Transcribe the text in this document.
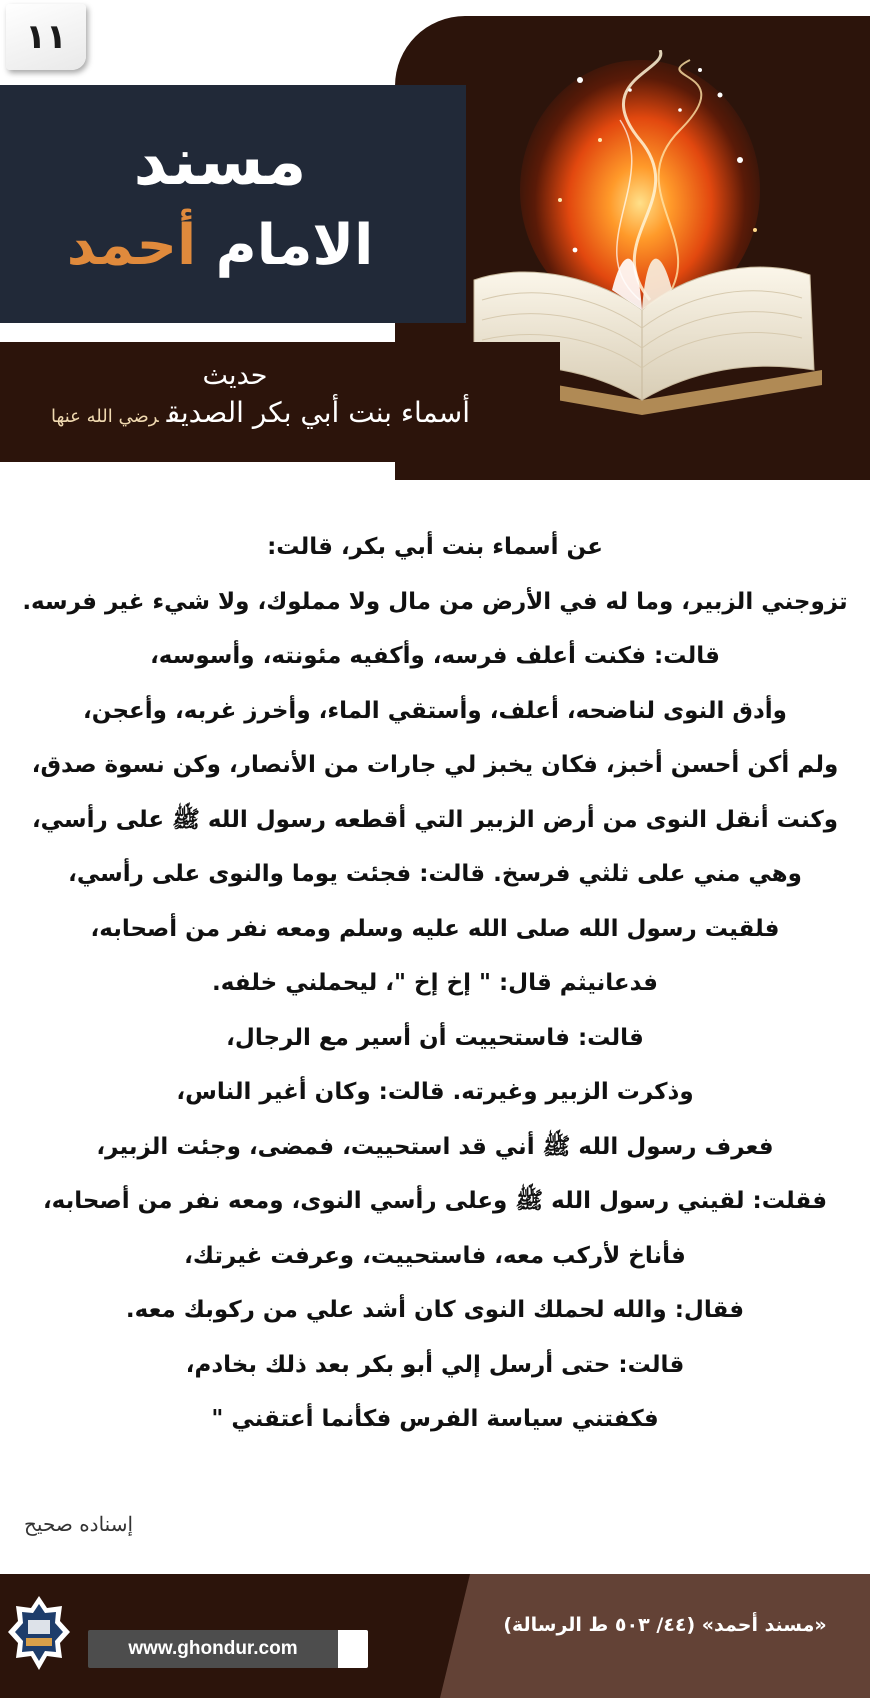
مسند
الامام أحمد
حديث
أسماء بنت أبي بكر الصديقرضي الله عنها
١١
عن أسماء بنت أبي بكر، قالت:
تزوجني الزبير، وما له في الأرض من مال ولا مملوك، ولا شيء غير فرسه.
قالت: فكنت أعلف فرسه، وأكفيه مئونته، وأسوسه،
وأدق النوى لناضحه، أعلف، وأستقي الماء، وأخرز غربه، وأعجن،
ولم أكن أحسن أخبز، فكان يخبز لي جارات من الأنصار، وكن نسوة صدق،
وكنت أنقل النوى من أرض الزبير التي أقطعه رسول الله ﷺ على رأسي،
وهي مني على ثلثي فرسخ. قالت: فجئت يوما والنوى على رأسي،
فلقيت رسول الله صلى الله عليه وسلم ومعه نفر من أصحابه،
فدعانيثم قال: " إخ إخ "، ليحملني خلفه.
قالت: فاستحييت أن أسير مع الرجال،
وذكرت الزبير وغيرته. قالت: وكان أغير الناس،
فعرف رسول الله ﷺ أني قد استحييت، فمضى، وجئت الزبير،
فقلت: لقيني رسول الله ﷺ وعلى رأسي النوى، ومعه نفر من أصحابه،
فأناخ لأركب معه، فاستحييت، وعرفت غيرتك،
فقال: والله لحملك النوى كان أشد علي من ركوبك معه.
قالت: حتى أرسل إلي أبو بكر بعد ذلك بخادم،
فكفتني سياسة الفرس فكأنما أعتقني "
إسناده صحيح
www.ghondur.com
«مسند أحمد» (٤٤/ ٥٠٣ ط الرسالة)
